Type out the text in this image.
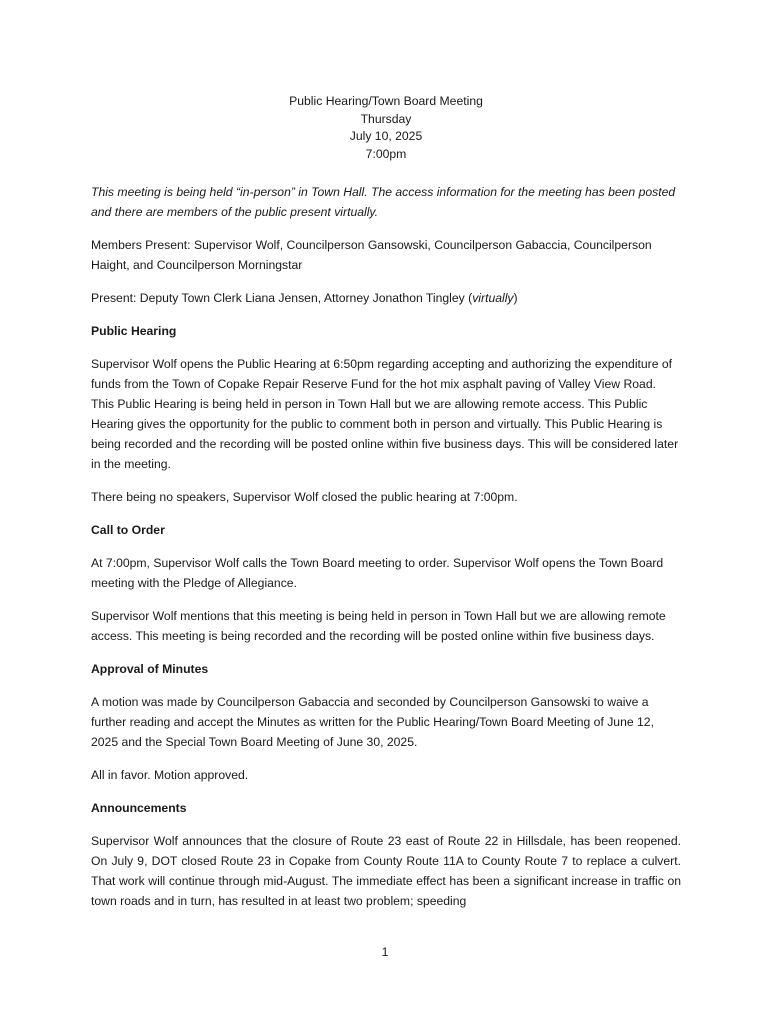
Public Hearing/Town Board Meeting
Thursday
July 10, 2025
7:00pm

This meeting is being held “in-person” in Town Hall. The access information for the meeting has been posted and there are members of the public present virtually.

Members Present: Supervisor Wolf, Councilperson Gansowski, Councilperson Gabaccia, Councilperson Haight, and Councilperson Morningstar

Present: Deputy Town Clerk Liana Jensen, Attorney Jonathon Tingley (virtually)

Public Hearing

Supervisor Wolf opens the Public Hearing at 6:50pm regarding accepting and authorizing the expenditure of funds from the Town of Copake Repair Reserve Fund for the hot mix asphalt paving of Valley View Road. This Public Hearing is being held in person in Town Hall but we are allowing remote access. This Public Hearing gives the opportunity for the public to comment both in person and virtually. This Public Hearing is being recorded and the recording will be posted online within five business days. This will be considered later in the meeting.

There being no speakers, Supervisor Wolf closed the public hearing at 7:00pm.

Call to Order

At 7:00pm, Supervisor Wolf calls the Town Board meeting to order. Supervisor Wolf opens the Town Board meeting with the Pledge of Allegiance.

Supervisor Wolf mentions that this meeting is being held in person in Town Hall but we are allowing remote access. This meeting is being recorded and the recording will be posted online within five business days.

Approval of Minutes

A motion was made by Councilperson Gabaccia and seconded by Councilperson Gansowski to waive a further reading and accept the Minutes as written for the Public Hearing/Town Board Meeting of June 12, 2025 and the Special Town Board Meeting of June 30, 2025.

All in favor. Motion approved.

Announcements

Supervisor Wolf announces that the closure of Route 23 east of Route 22 in Hillsdale, has been reopened. On July 9, DOT closed Route 23 in Copake from County Route 11A to County Route 7 to replace a culvert. That work will continue through mid-August. The immediate effect has been a significant increase in traffic on town roads and in turn, has resulted in at least two problem; speeding

1
